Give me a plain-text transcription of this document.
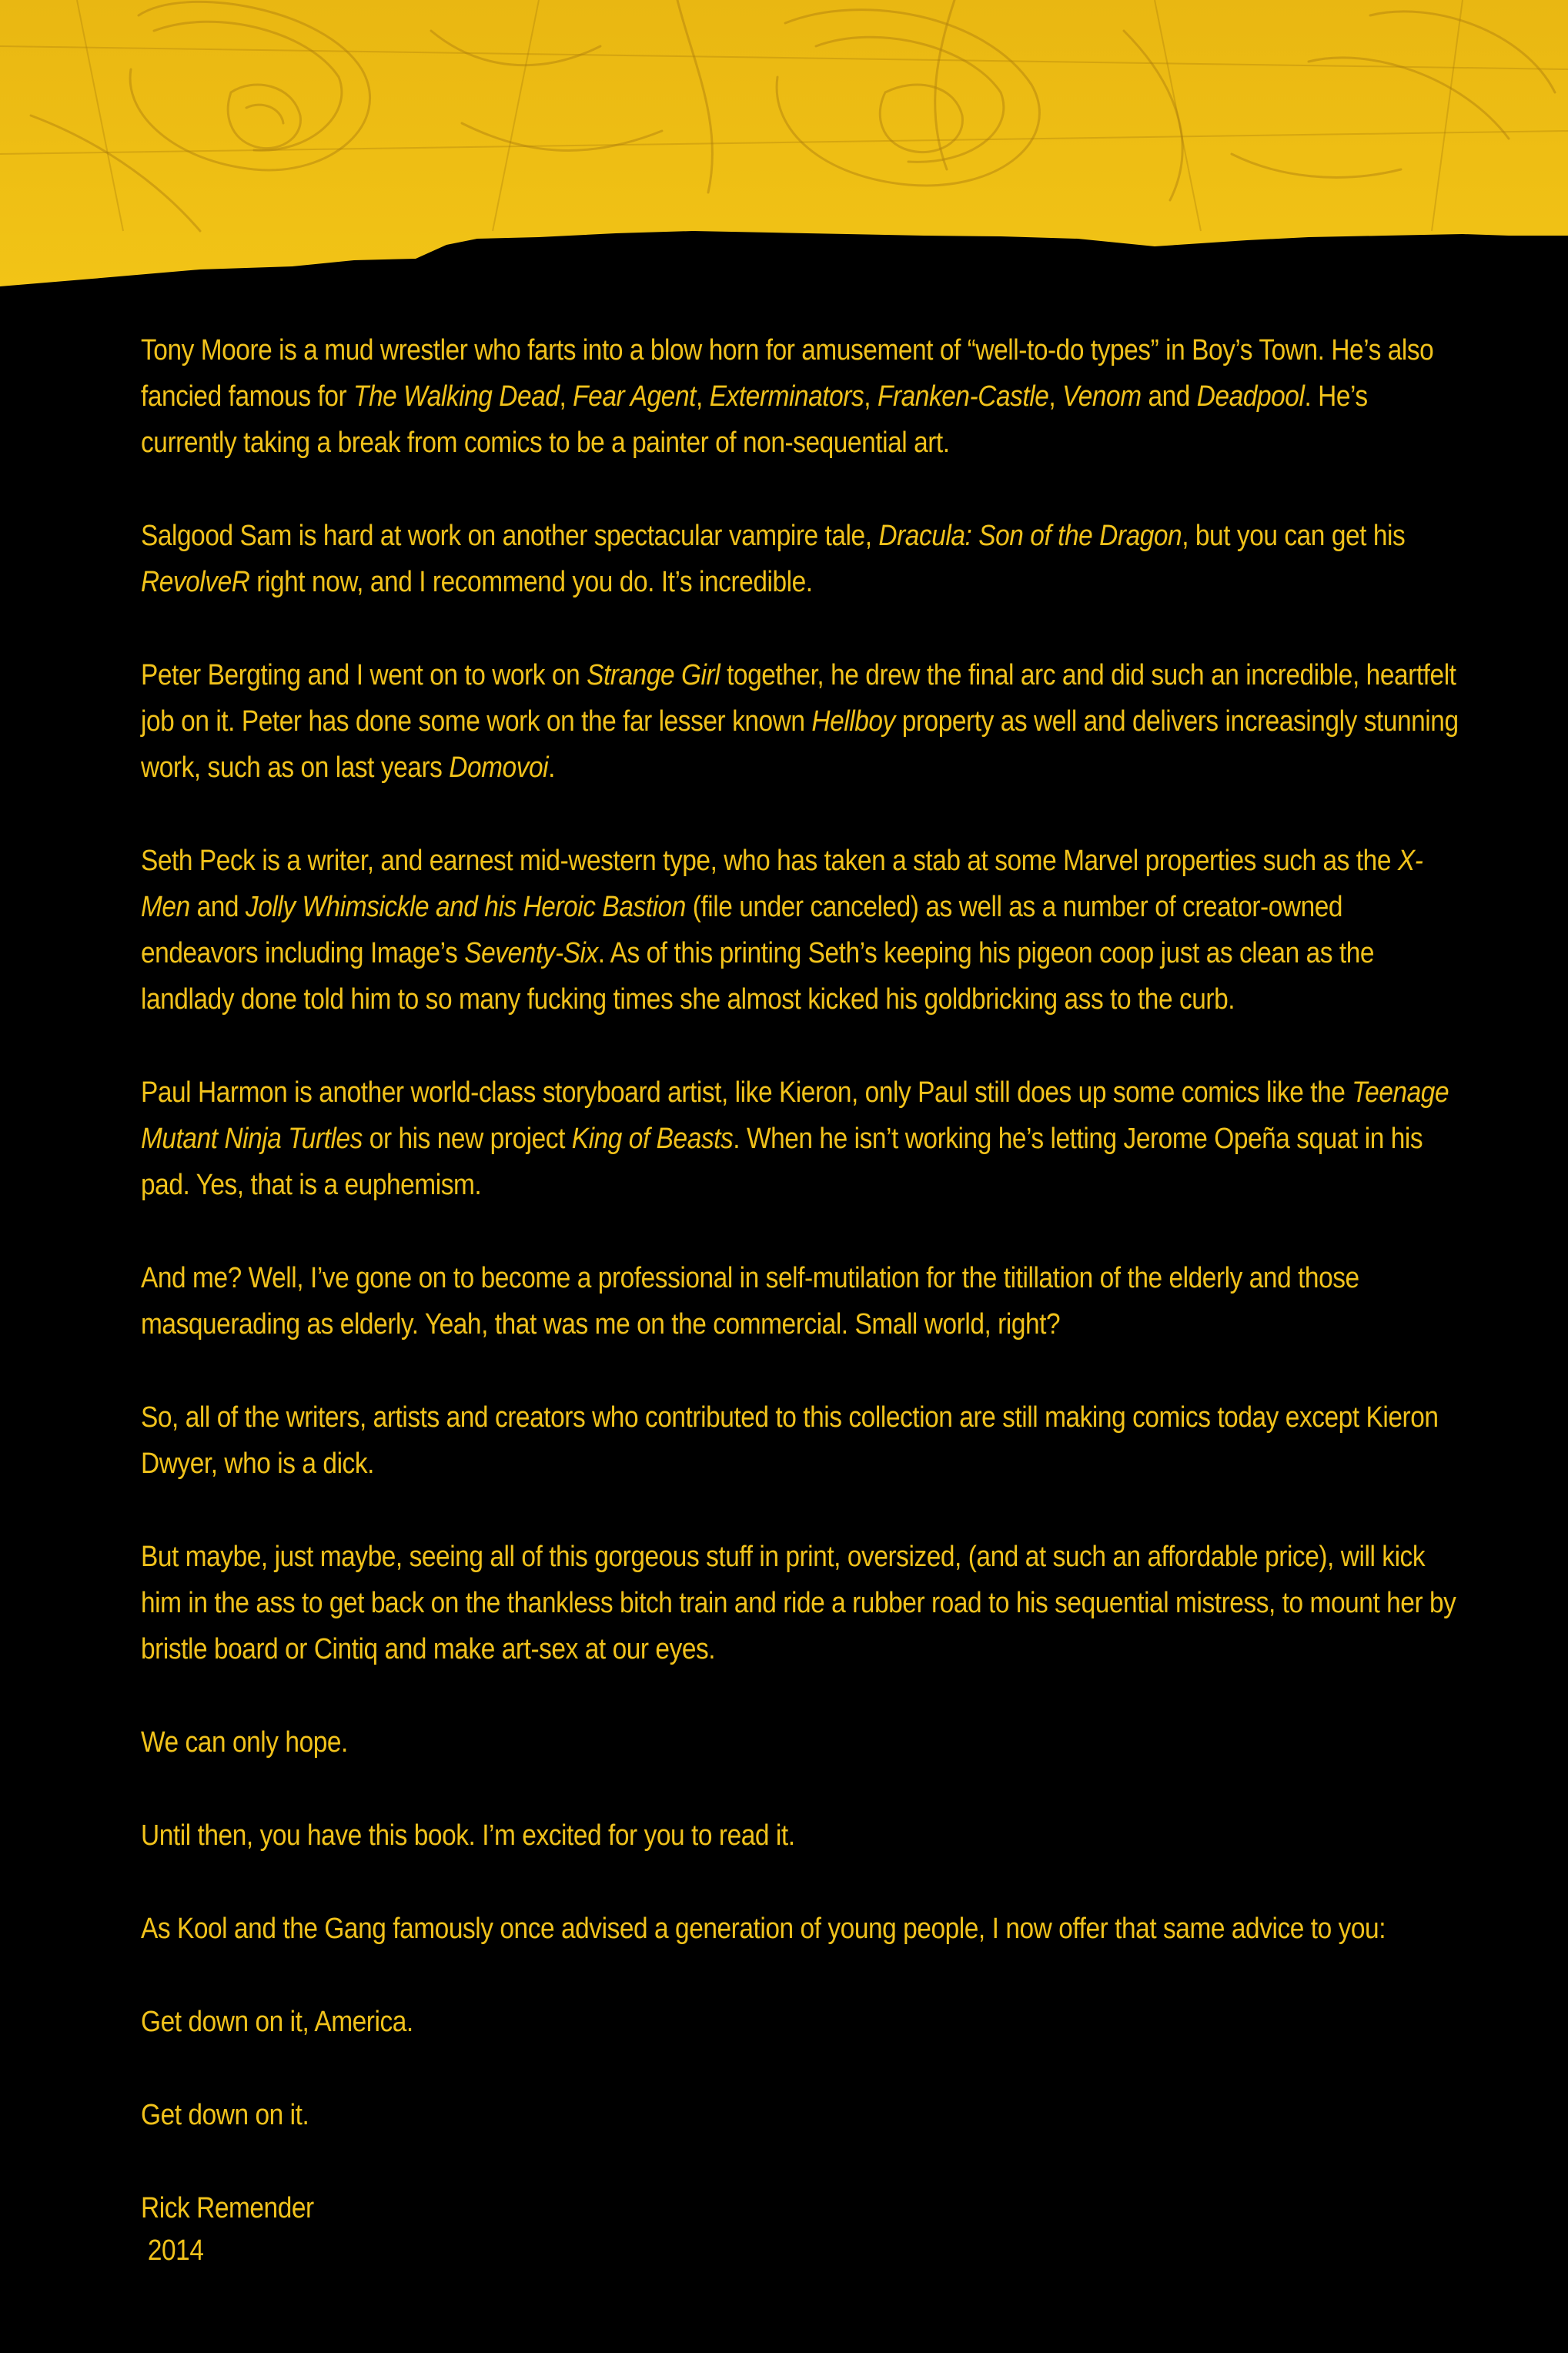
Tony Moore is a mud wrestler who farts into a blow horn for amusement of “well-to-do types” in Boy’s Town. He’s also fancied famous for The Walking Dead, Fear Agent, Exterminators, Franken-Castle, Venom and Deadpool. He’s currently taking a break from comics to be a painter of non-sequential art.

Salgood Sam is hard at work on another spectacular vampire tale, Dracula: Son of the Dragon, but you can get his RevolveR right now, and I recommend you do. It’s incredible.

Peter Bergting and I went on to work on Strange Girl together, he drew the final arc and did such an incredible, heartfelt job on it. Peter has done some work on the far lesser known Hellboy property as well and delivers increasingly stunning work, such as on last years Domovoi.

Seth Peck is a writer, and earnest mid-western type, who has taken a stab at some Marvel properties such as the X-Men and Jolly Whimsickle and his Heroic Bastion (file under canceled) as well as a number of creator-owned endeavors including Image’s Seventy-Six. As of this printing Seth’s keeping his pigeon coop just as clean as the landlady done told him to so many fucking times she almost kicked his goldbricking ass to the curb.

Paul Harmon is another world-class storyboard artist, like Kieron, only Paul still does up some comics like the Teenage Mutant Ninja Turtles or his new project King of Beasts. When he isn’t working he’s letting Jerome Opeña squat in his pad. Yes, that is a euphemism.

And me? Well, I’ve gone on to become a professional in self-mutilation for the titillation of the elderly and those masquerading as elderly. Yeah, that was me on the commercial. Small world, right?

So, all of the writers, artists and creators who contributed to this collection are still making comics today except Kieron Dwyer, who is a dick.

But maybe, just maybe, seeing all of this gorgeous stuff in print, oversized, (and at such an affordable price), will kick him in the ass to get back on the thankless bitch train and ride a rubber road to his sequential mistress, to mount her by bristle board or Cintiq and make art-sex at our eyes.

We can only hope.

Until then, you have this book. I’m excited for you to read it.

As Kool and the Gang famously once advised a generation of young people, I now offer that same advice to you:

Get down on it, America.

Get down on it.

Rick Remender

2014
